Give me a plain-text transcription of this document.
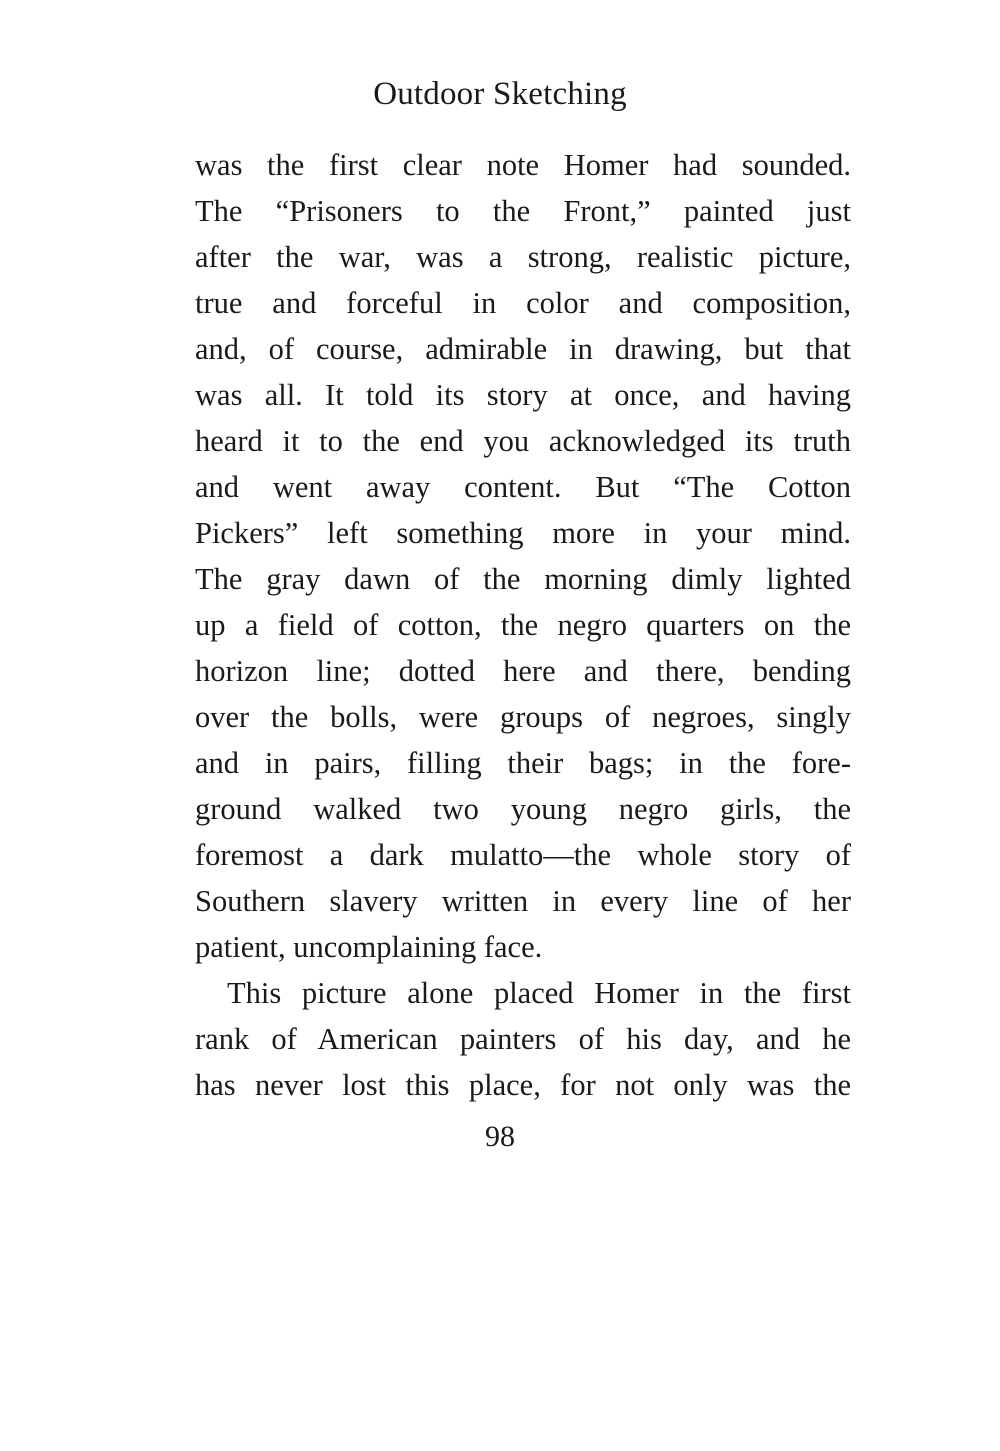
Outdoor Sketching
was the first clear note Homer had sounded.
The “Prisoners to the Front,” painted just
after the war, was a strong, realistic picture,
true and forceful in color and composition,
and, of course, admirable in drawing, but that
was all. It told its story at once, and having
heard it to the end you acknowledged its truth
and went away content. But “The Cotton
Pickers” left something more in your mind.
The gray dawn of the morning dimly lighted
up a field of cotton, the negro quarters on the
horizon line; dotted here and there, bending
over the bolls, were groups of negroes, singly
and in pairs, filling their bags; in the fore-
ground walked two young negro girls, the
foremost a dark mulatto—the whole story of
Southern slavery written in every line of her
patient, uncomplaining face.
This picture alone placed Homer in the first
rank of American painters of his day, and he
has never lost this place, for not only was the
98
